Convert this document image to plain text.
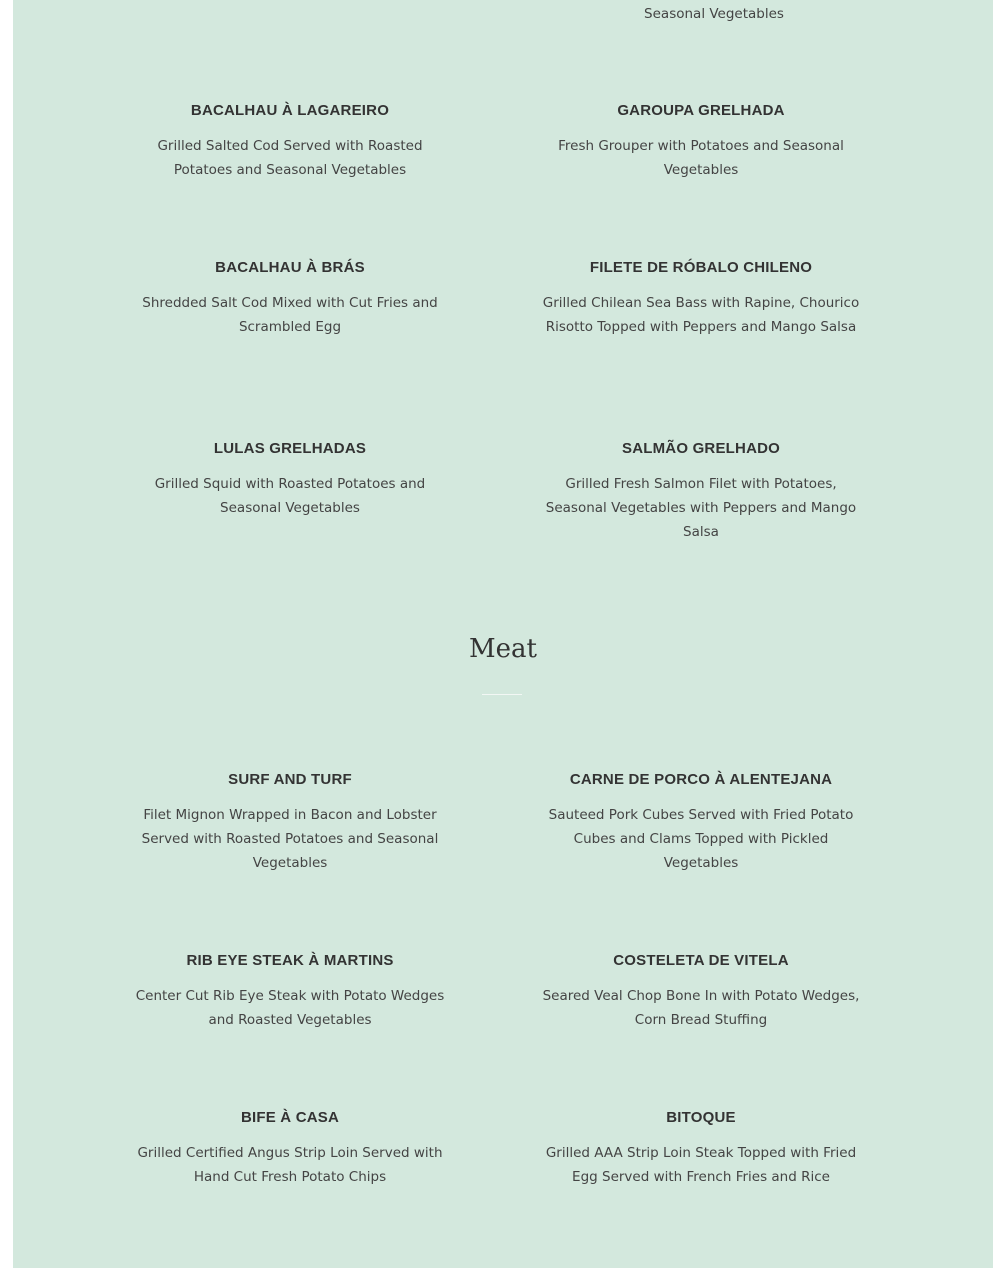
Seasonal Vegetables

BACALHAU À LAGAREIRO

Grilled Salted Cod Served with Roasted Potatoes and Seasonal Vegetables

GAROUPA GRELHADA

Fresh Grouper with Potatoes and Seasonal Vegetables

BACALHAU À BRÁS

Shredded Salt Cod Mixed with Cut Fries and Scrambled Egg

FILETE DE RÓBALO CHILENO

Grilled Chilean Sea Bass with Rapine, Chourico Risotto Topped with Peppers and Mango Salsa

LULAS GRELHADAS

Grilled Squid with Roasted Potatoes and Seasonal Vegetables

SALMÃO GRELHADO

Grilled Fresh Salmon Filet with Potatoes, Seasonal Vegetables with Peppers and Mango Salsa

Meat

SURF AND TURF

Filet Mignon Wrapped in Bacon and Lobster Served with Roasted Potatoes and Seasonal Vegetables

CARNE DE PORCO À ALENTEJANA

Sauteed Pork Cubes Served with Fried Potato Cubes and Clams Topped with Pickled Vegetables

RIB EYE STEAK À MARTINS

Center Cut Rib Eye Steak with Potato Wedges and Roasted Vegetables

COSTELETA DE VITELA

Seared Veal Chop Bone In with Potato Wedges, Corn Bread Stuffing

BIFE À CASA

Grilled Certified Angus Strip Loin Served with Hand Cut Fresh Potato Chips

BITOQUE

Grilled AAA Strip Loin Steak Topped with Fried Egg Served with French Fries and Rice
